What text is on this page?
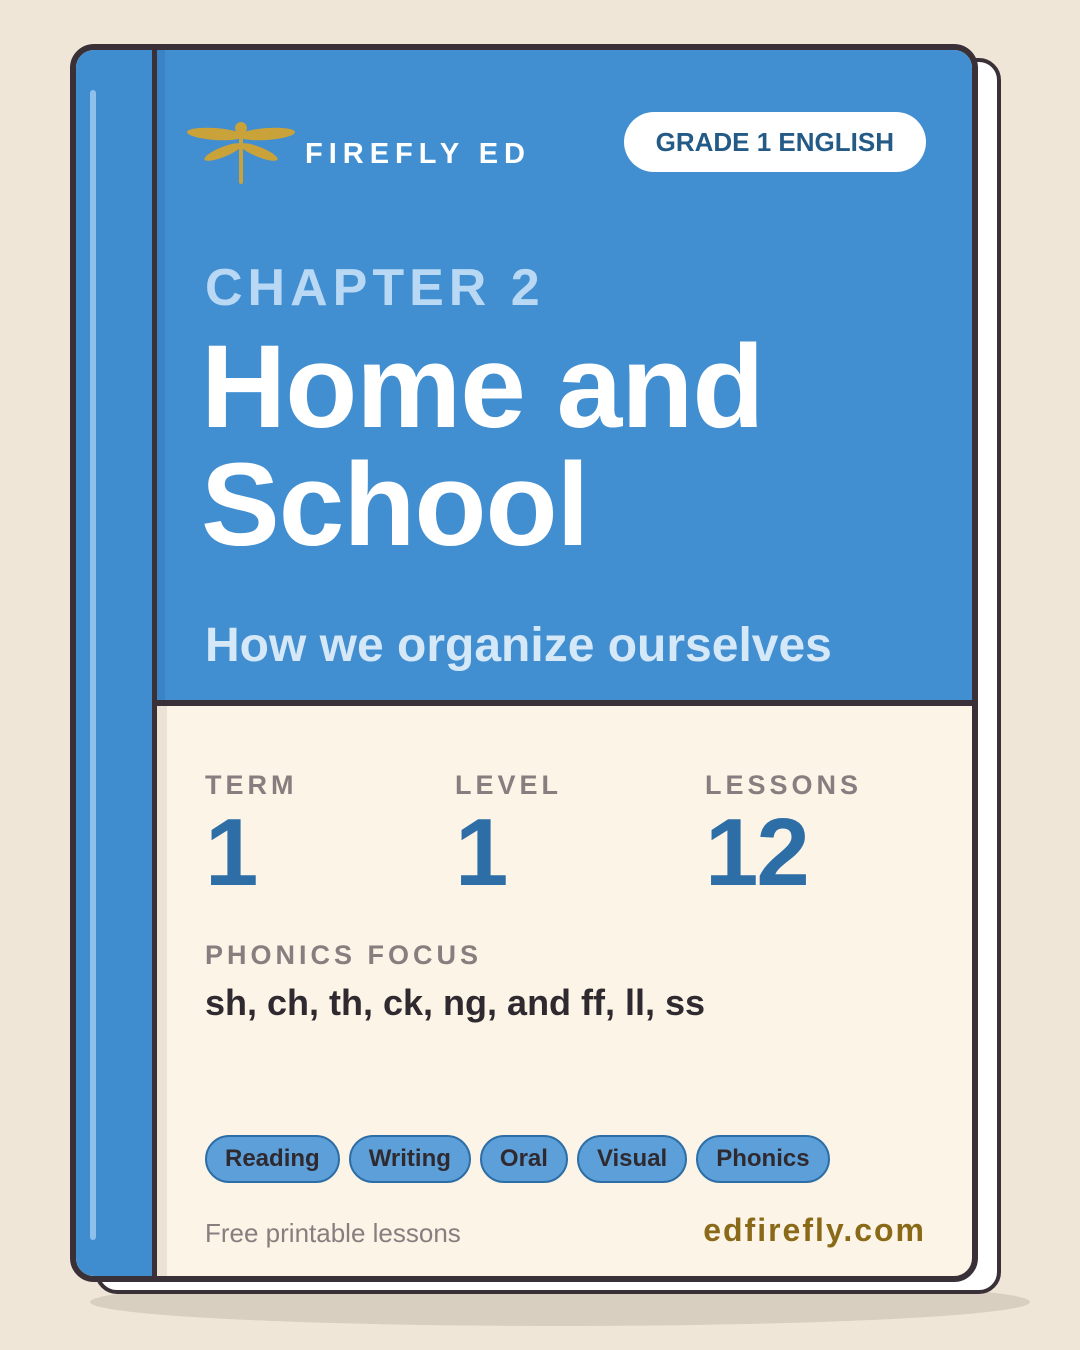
FIREFLY ED	GRADE 1 ENGLISH
CHAPTER 2
Home and
School
How we organize ourselves
TERM
1
LEVEL
1
LESSONS
12
PHONICS FOCUS
sh, ch, th, ck, ng, and ff, ll, ss
Reading	Writing	Oral	Visual	Phonics
Free printable lessons	edfirefly.com
